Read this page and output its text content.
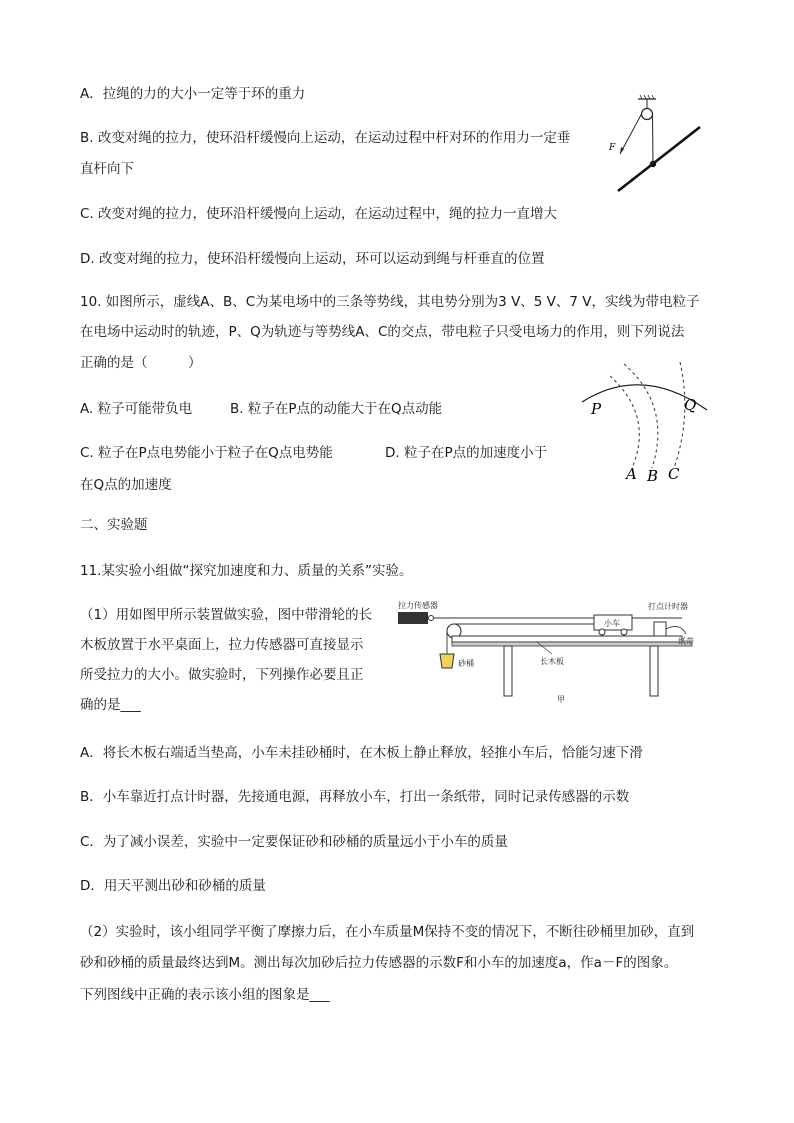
A．拉绳的力的大小一定等于环的重力
B. 改变对绳的拉力，使环沿杆缓慢向上运动，在运动过程中杆对环的作用力一定垂
直杆向下
C. 改变对绳的拉力，使环沿杆缓慢向上运动，在运动过程中，绳的拉力一直增大
D. 改变对绳的拉力，使环沿杆缓慢向上运动，环可以运动到绳与杆垂直的位置
F
10. 如图所示，虚线A、B、C为某电场中的三条等势线，其电势分别为3 V、5 V、7 V，实线为带电粒子
在电场中运动时的轨迹，P、Q为轨迹与等势线A、C的交点，带电粒子只受电场力的作用，则下列说法
正确的是（　　　）
A. 粒子可能带负电	B. 粒子在P点的动能大于在Q点动能
C. 粒子在P点电势能小于粒子在Q点电势能	D. 粒子在P点的加速度小于
在Q点的加速度
P	Q
A B C
二、实验题
11.某实验小组做“探究加速度和力、质量的关系”实验。
（1）用如图甲所示装置做实验，图中带滑轮的长
木板放置于水平桌面上，拉力传感器可直接显示
所受拉力的大小。做实验时，下列操作必要且正
确的是___
拉力传感器
砂桶	长木板
小车
打点计时器
纸带
甲
A．将长木板右端适当垫高，小车未挂砂桶时，在木板上静止释放，轻推小车后，恰能匀速下滑
B．小车靠近打点计时器，先接通电源，再释放小车，打出一条纸带，同时记录传感器的示数
C．为了减小误差，实验中一定要保证砂和砂桶的质量远小于小车的质量
D．用天平测出砂和砂桶的质量
（2）实验时，该小组同学平衡了摩擦力后，在小车质量M保持不变的情况下，不断往砂桶里加砂，直到
砂和砂桶的质量最终达到M。测出每次加砂后拉力传感器的示数F和小车的加速度a，作a－F的图象。
下列图线中正确的表示该小组的图象是___
